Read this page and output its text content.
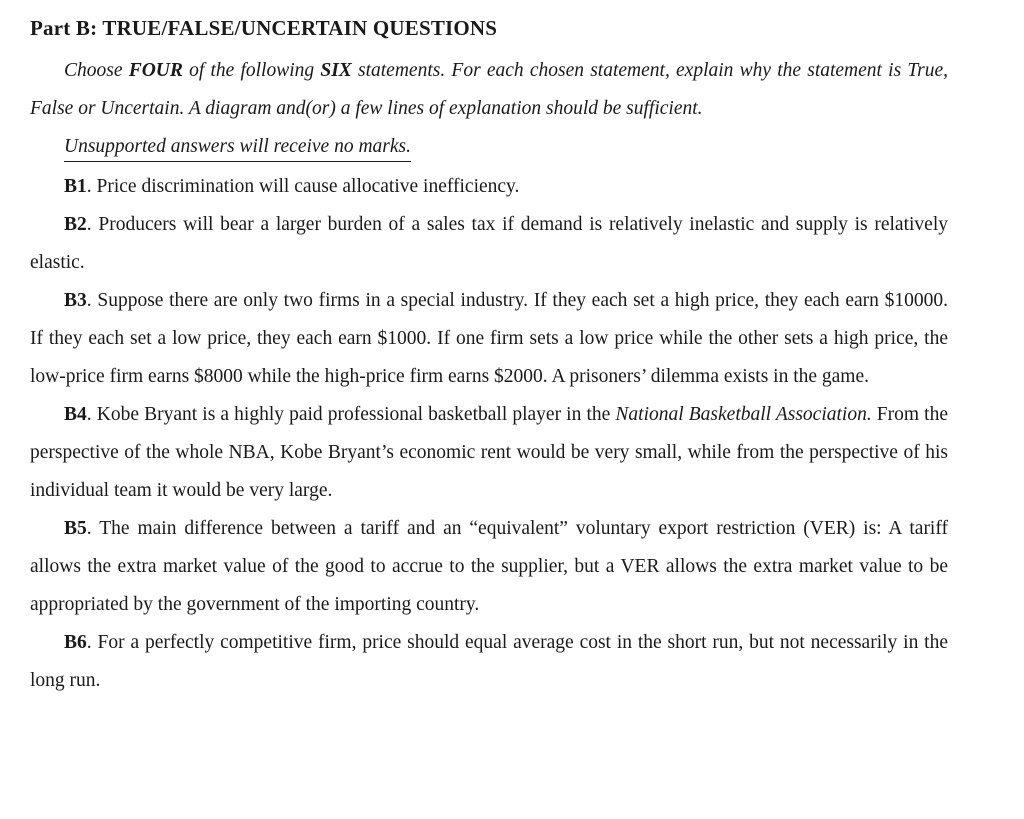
Part B: TRUE/FALSE/UNCERTAIN QUESTIONS

Choose FOUR of the following SIX statements. For each chosen statement, explain why the statement is True, False or Uncertain. A diagram and(or) a few lines of explanation should be sufficient.

Unsupported answers will receive no marks.

B1. Price discrimination will cause allocative inefficiency.

B2. Producers will bear a larger burden of a sales tax if demand is relatively inelastic and supply is relatively elastic.

B3. Suppose there are only two firms in a special industry. If they each set a high price, they each earn $10000. If they each set a low price, they each earn $1000. If one firm sets a low price while the other sets a high price, the low-price firm earns $8000 while the high-price firm earns $2000. A prisoners’ dilemma exists in the game.

B4. Kobe Bryant is a highly paid professional basketball player in the National Basketball Association. From the perspective of the whole NBA, Kobe Bryant’s economic rent would be very small, while from the perspective of his individual team it would be very large.

B5. The main difference between a tariff and an “equivalent” voluntary export restriction (VER) is: A tariff allows the extra market value of the good to accrue to the supplier, but a VER allows the extra market value to be appropriated by the government of the importing country.

B6. For a perfectly competitive firm, price should equal average cost in the short run, but not necessarily in the long run.
